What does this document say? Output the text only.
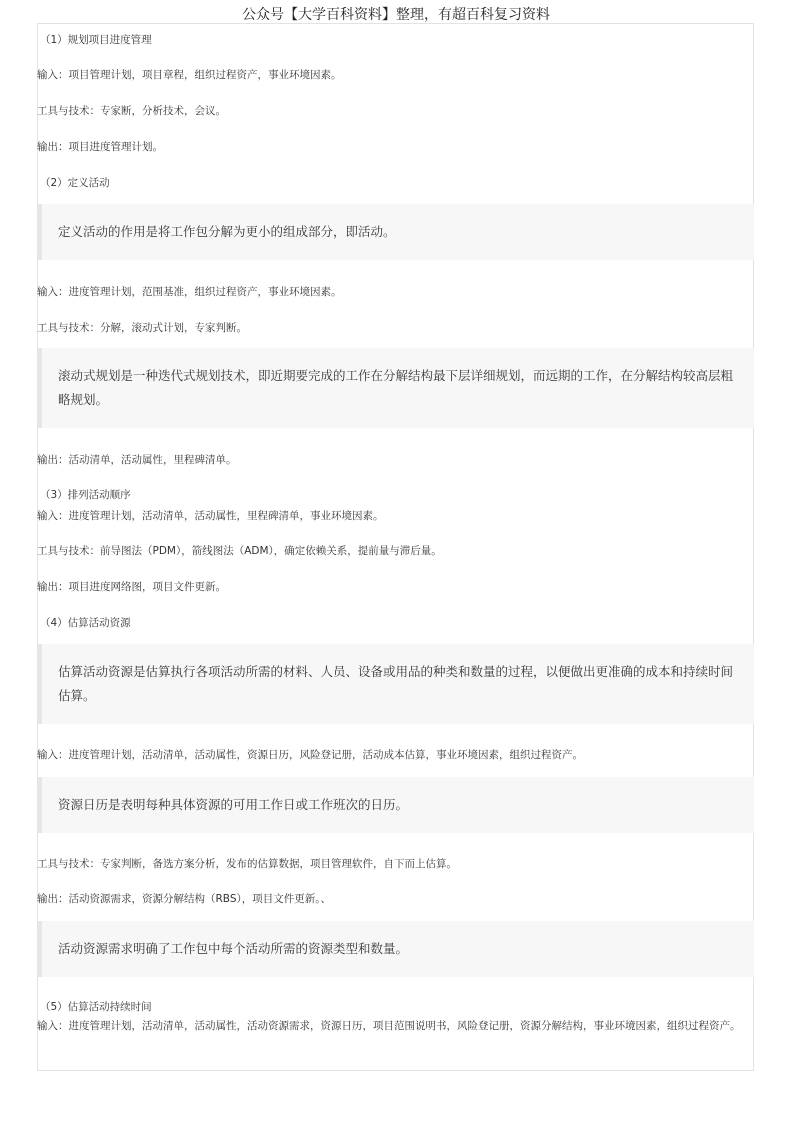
公众号【大学百科资料】整理，有超百科复习资料
（1）规划项目进度管理
输入：项目管理计划，项目章程，组织过程资产，事业环境因素。
工具与技术：专家断，分析技术，会议。
输出：项目进度管理计划。
（2）定义活动
定义活动的作用是将工作包分解为更小的组成部分，即活动。
输入：进度管理计划，范围基准，组织过程资产，事业环境因素。
工具与技术：分解，滚动式计划，专家判断。
滚动式规划是一种迭代式规划技术，即近期要完成的工作在分解结构最下层详细规划，而远期的工作，在分解结构较高层粗略规划。
输出：活动清单，活动属性，里程碑清单。
（3）排列活动顺序
输入：进度管理计划，活动清单，活动属性，里程碑清单，事业环境因素。
工具与技术：前导图法（PDM），箭线图法（ADM），确定依赖关系，提前量与滞后量。
输出：项目进度网络图，项目文件更新。
（4）估算活动资源
估算活动资源是估算执行各项活动所需的材料、人员、设备或用品的种类和数量的过程，以便做出更准确的成本和持续时间估算。
输入：进度管理计划，活动清单，活动属性，资源日历，风险登记册，活动成本估算，事业环境因素，组织过程资产。
资源日历是表明每种具体资源的可用工作日或工作班次的日历。
工具与技术：专家判断，备选方案分析，发布的估算数据，项目管理软件，自下而上估算。
输出：活动资源需求，资源分解结构（RBS），项目文件更新。、
活动资源需求明确了工作包中每个活动所需的资源类型和数量。
（5）估算活动持续时间
输入：进度管理计划，活动清单，活动属性，活动资源需求，资源日历，项目范围说明书，风险登记册，资源分解结构，事业环境因素，组织过程资产。
